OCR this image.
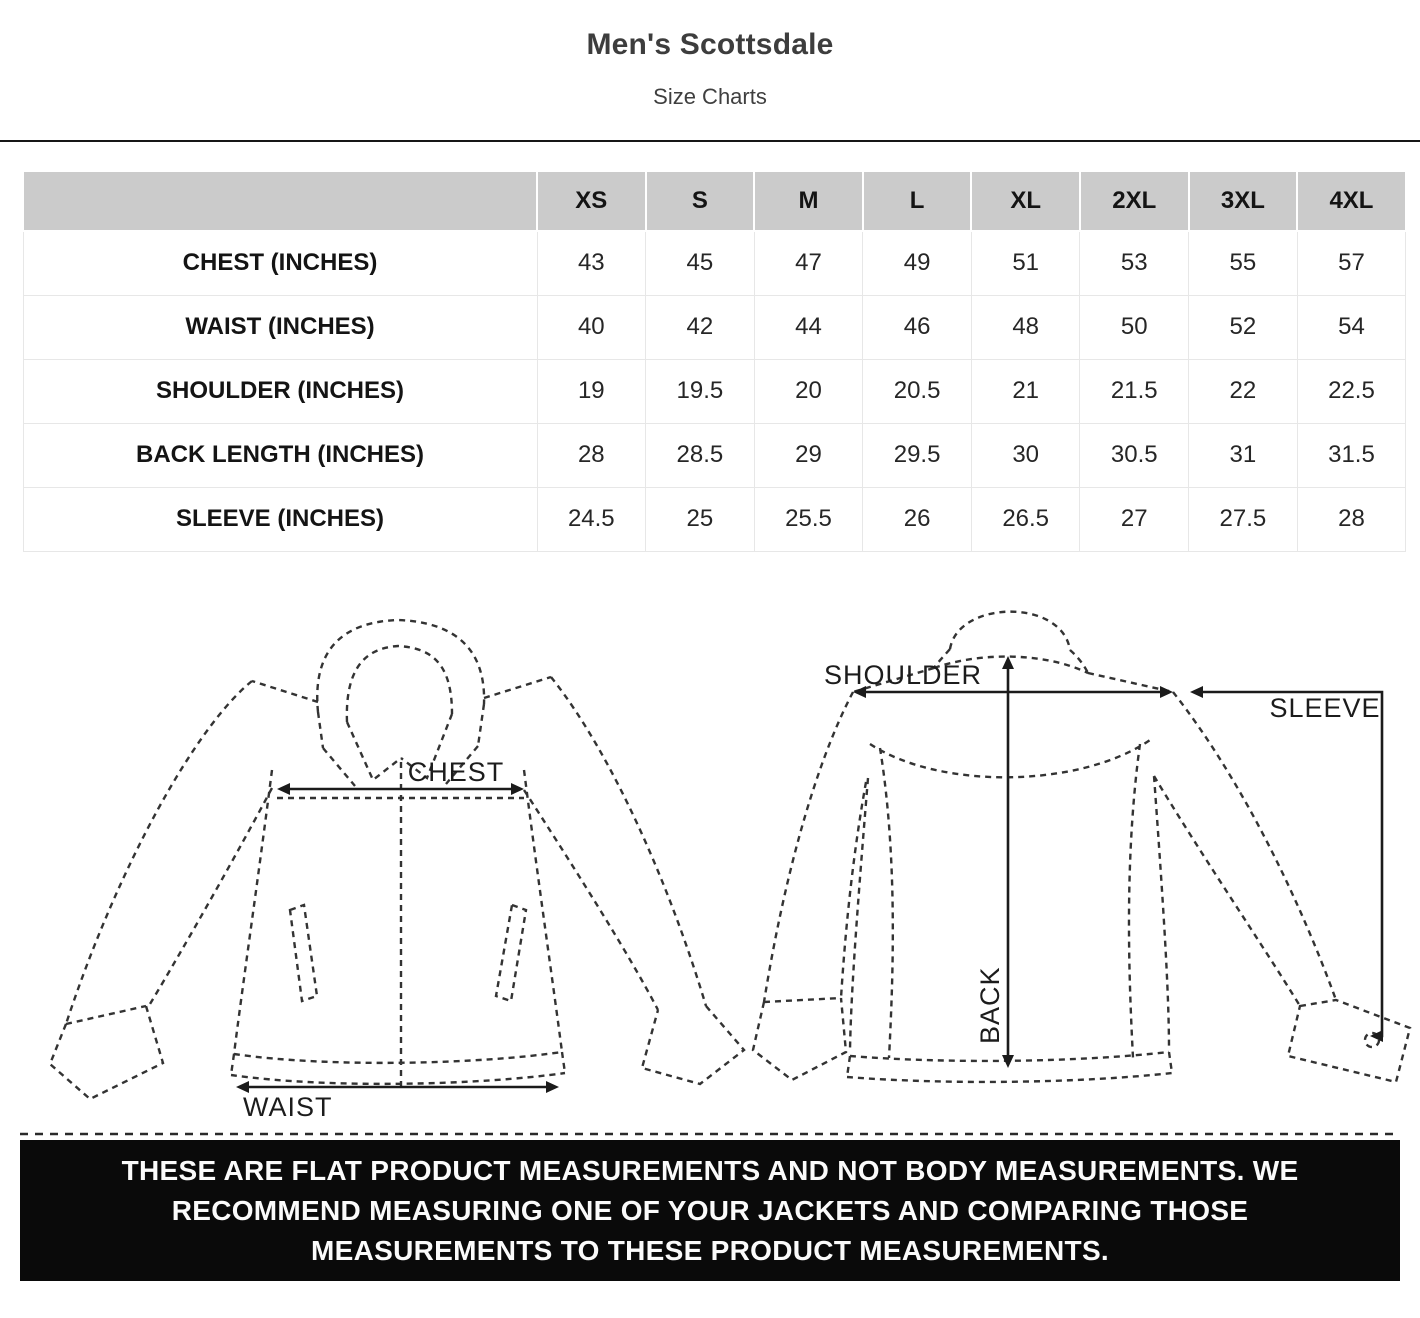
Men's Scottsdale
Size Charts
	XS	S	M	L	XL	2XL	3XL	4XL
CHEST (INCHES)	43	45	47	49	51	53	55	57
WAIST (INCHES)	40	42	44	46	48	50	52	54
SHOULDER (INCHES)	19	19.5	20	20.5	21	21.5	22	22.5
BACK LENGTH (INCHES)	28	28.5	29	29.5	30	30.5	31	31.5
SLEEVE (INCHES)	24.5	25	25.5	26	26.5	27	27.5	28
CHEST
WAIST
SHOULDER
SLEEVE
BACK

THESE ARE FLAT PRODUCT MEASUREMENTS AND NOT BODY MEASUREMENTS. WE RECOMMEND MEASURING ONE OF YOUR JACKETS AND COMPARING THOSE MEASUREMENTS TO THESE PRODUCT MEASUREMENTS.
